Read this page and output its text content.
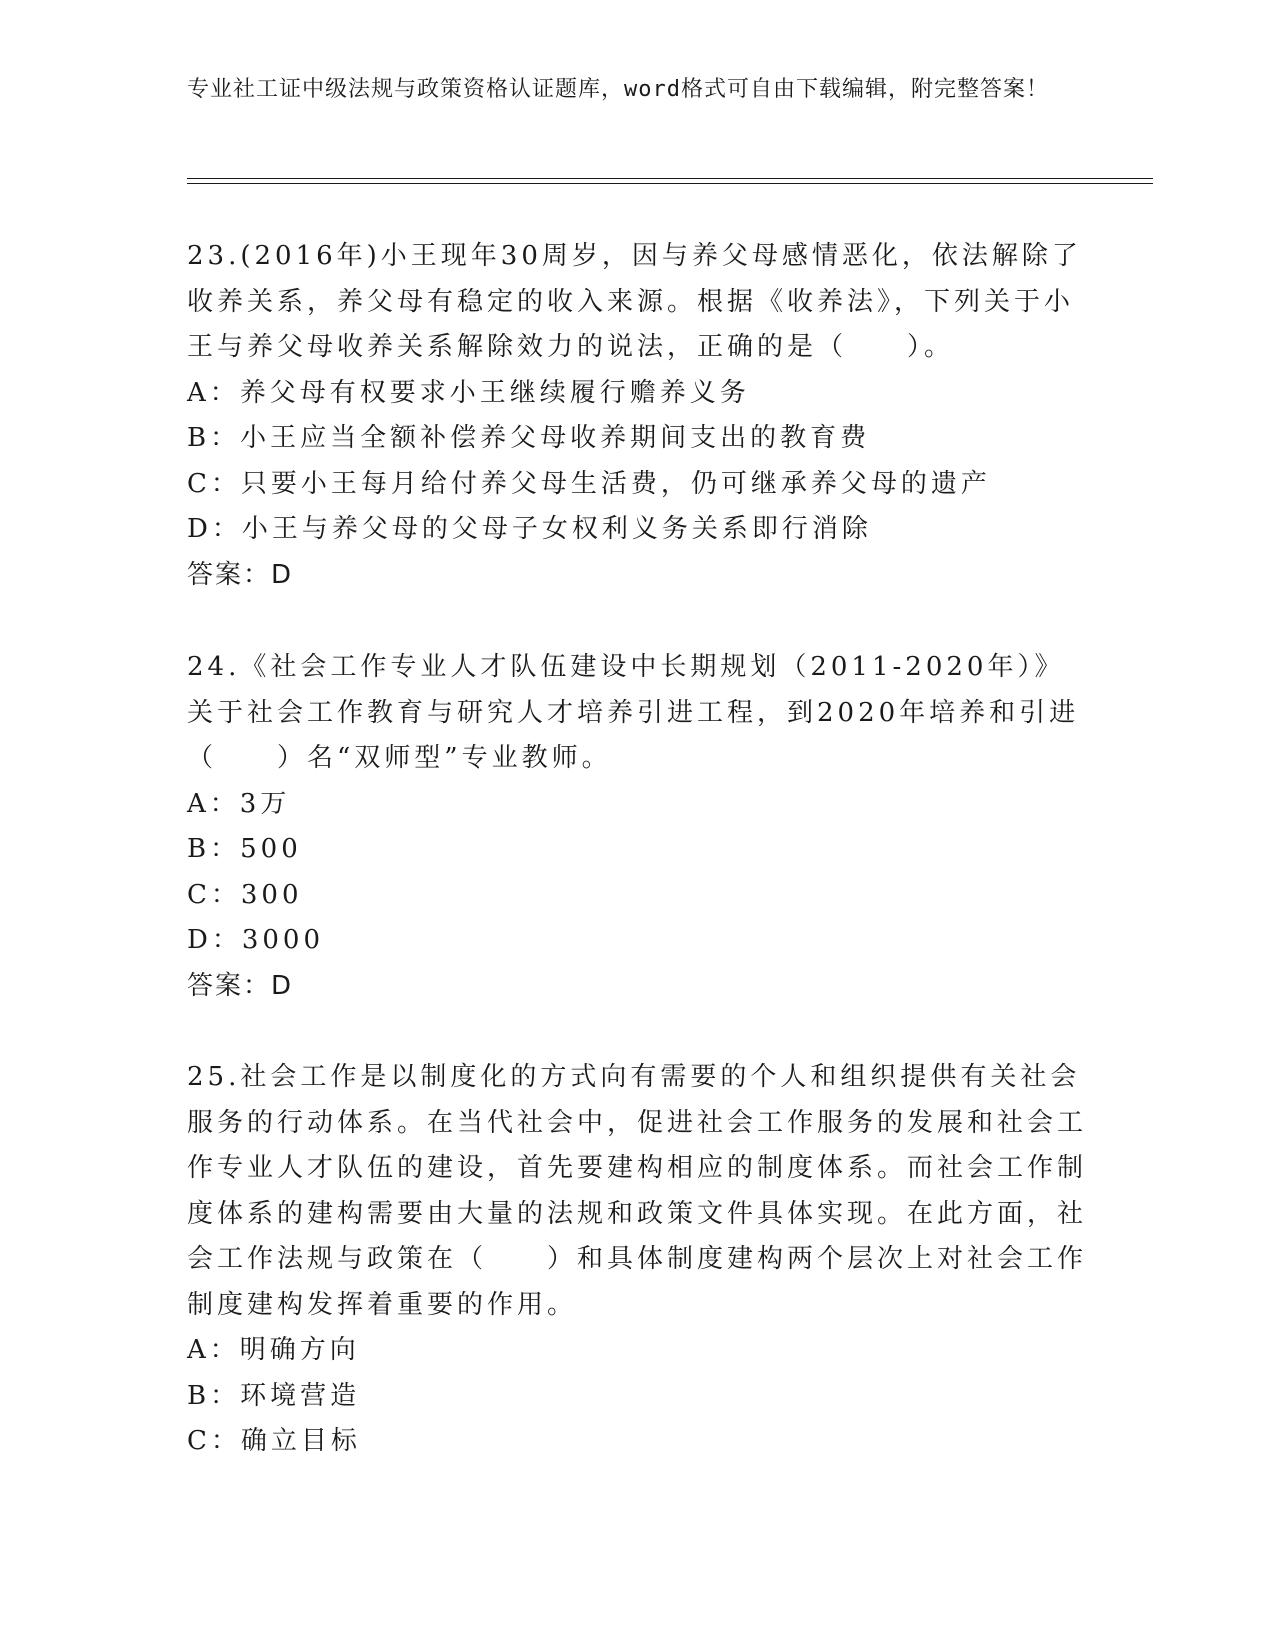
专业社工证中级法规与政策资格认证题库，word格式可自由下载编辑，附完整答案！

23.(2016年)小王现年30周岁，因与养父母感情恶化，依法解除了收养关系，养父母有稳定的收入来源。根据《收养法》，下列关于小王与养父母收养关系解除效力的说法，正确的是（　　）。

A：养父母有权要求小王继续履行赡养义务

B：小王应当全额补偿养父母收养期间支出的教育费

C：只要小王每月给付养父母生活费，仍可继承养父母的遗产

D：小王与养父母的父母子女权利义务关系即行消除

答案：D

24.《社会工作专业人才队伍建设中长期规划（2011-2020年）》关于社会工作教育与研究人才培养引进工程，到2020年培养和引进（　　）名“双师型”专业教师。

A：3万

B：500

C：300

D：3000

答案：D

25.社会工作是以制度化的方式向有需要的个人和组织提供有关社会服务的行动体系。在当代社会中，促进社会工作服务的发展和社会工作专业人才队伍的建设，首先要建构相应的制度体系。而社会工作制度体系的建构需要由大量的法规和政策文件具体实现。在此方面，社会工作法规与政策在（　　）和具体制度建构两个层次上对社会工作制度建构发挥着重要的作用。

A：明确方向

B：环境营造

C：确立目标
